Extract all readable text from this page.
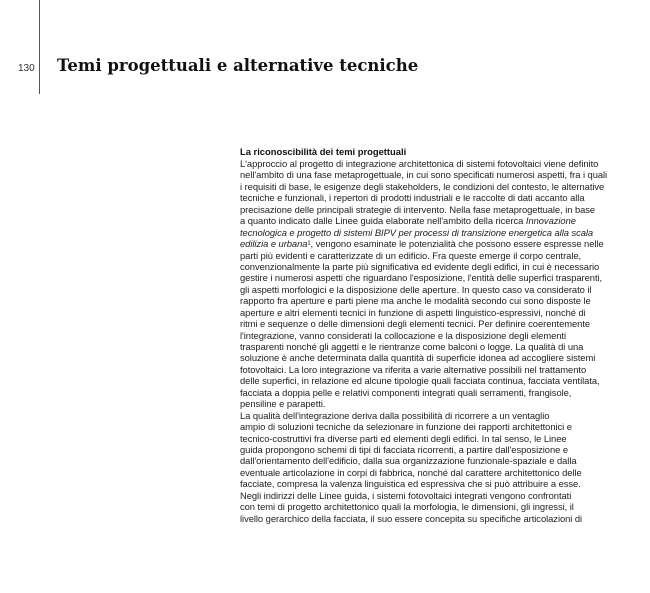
130 Temi progettuali e alternative tecniche
La riconoscibilità dei temi progettuali
L'approccio al progetto di integrazione architettonica di sistemi fotovoltaici viene definito
nell'ambito di una fase metaprogettuale, in cui sono specificati numerosi aspetti, fra i quali
i requisiti di base, le esigenze degli stakeholders, le condizioni del contesto, le alternative
tecniche e funzionali, i repertori di prodotti industriali e le raccolte di dati accanto alla
precisazione delle principali strategie di intervento. Nella fase metaprogettuale, in base
a quanto indicato dalle Linee guida elaborate nell'ambito della ricerca Innovazione
tecnologica e progetto di sistemi BIPV per processi di transizione energetica alla scala
edilizia e urbana¹, vengono esaminate le potenzialità che possono essere espresse nelle
parti più evidenti e caratterizzate di un edificio. Fra queste emerge il corpo centrale,
convenzionalmente la parte più significativa ed evidente degli edifici, in cui è necessario
gestire i numerosi aspetti che riguardano l'esposizione, l'entità delle superfici trasparenti,
gli aspetti morfologici e la disposizione delle aperture. In questo caso va considerato il
rapporto fra aperture e parti piene ma anche le modalità secondo cui sono disposte le
aperture e altri elementi tecnici in funzione di aspetti linguistico-espressivi, nonché di
ritmi e sequenze o delle dimensioni degli elementi tecnici. Per definire coerentemente
l'integrazione, vanno considerati la collocazione e la disposizione degli elementi
trasparenti nonché gli aggetti e le rientranze come balconi o logge. La qualità di una
soluzione è anche determinata dalla quantità di superficie idonea ad accogliere sistemi
fotovoltaici. La loro integrazione va riferita a varie alternative possibili nel trattamento
delle superfici, in relazione ed alcune tipologie quali facciata continua, facciata ventilata,
facciata a doppia pelle e relativi componenti integrati quali serramenti, frangisole,
pensiline e parapetti.
La qualità dell'integrazione deriva dalla possibilità di ricorrere a un ventaglio
ampio di soluzioni tecniche da selezionare in funzione dei rapporti architettonici e
tecnico-costruttivi fra diverse parti ed elementi degli edifici. In tal senso, le Linee
guida propongono schemi di tipi di facciata ricorrenti, a partire dall'esposizione e
dall'orientamento dell'edificio, dalla sua organizzazione funzionale-spaziale e dalla
eventuale articolazione in corpi di fabbrica, nonché dal carattere architettonico delle
facciate, compresa la valenza linguistica ed espressiva che si può attribuire a esse.
Negli indirizzi delle Linee guida, i sistemi fotovoltaici integrati vengono confrontati
con temi di progetto architettonico quali la morfologia, le dimensioni, gli ingressi, il
livello gerarchico della facciata, il suo essere concepita su specifiche articolazioni di
